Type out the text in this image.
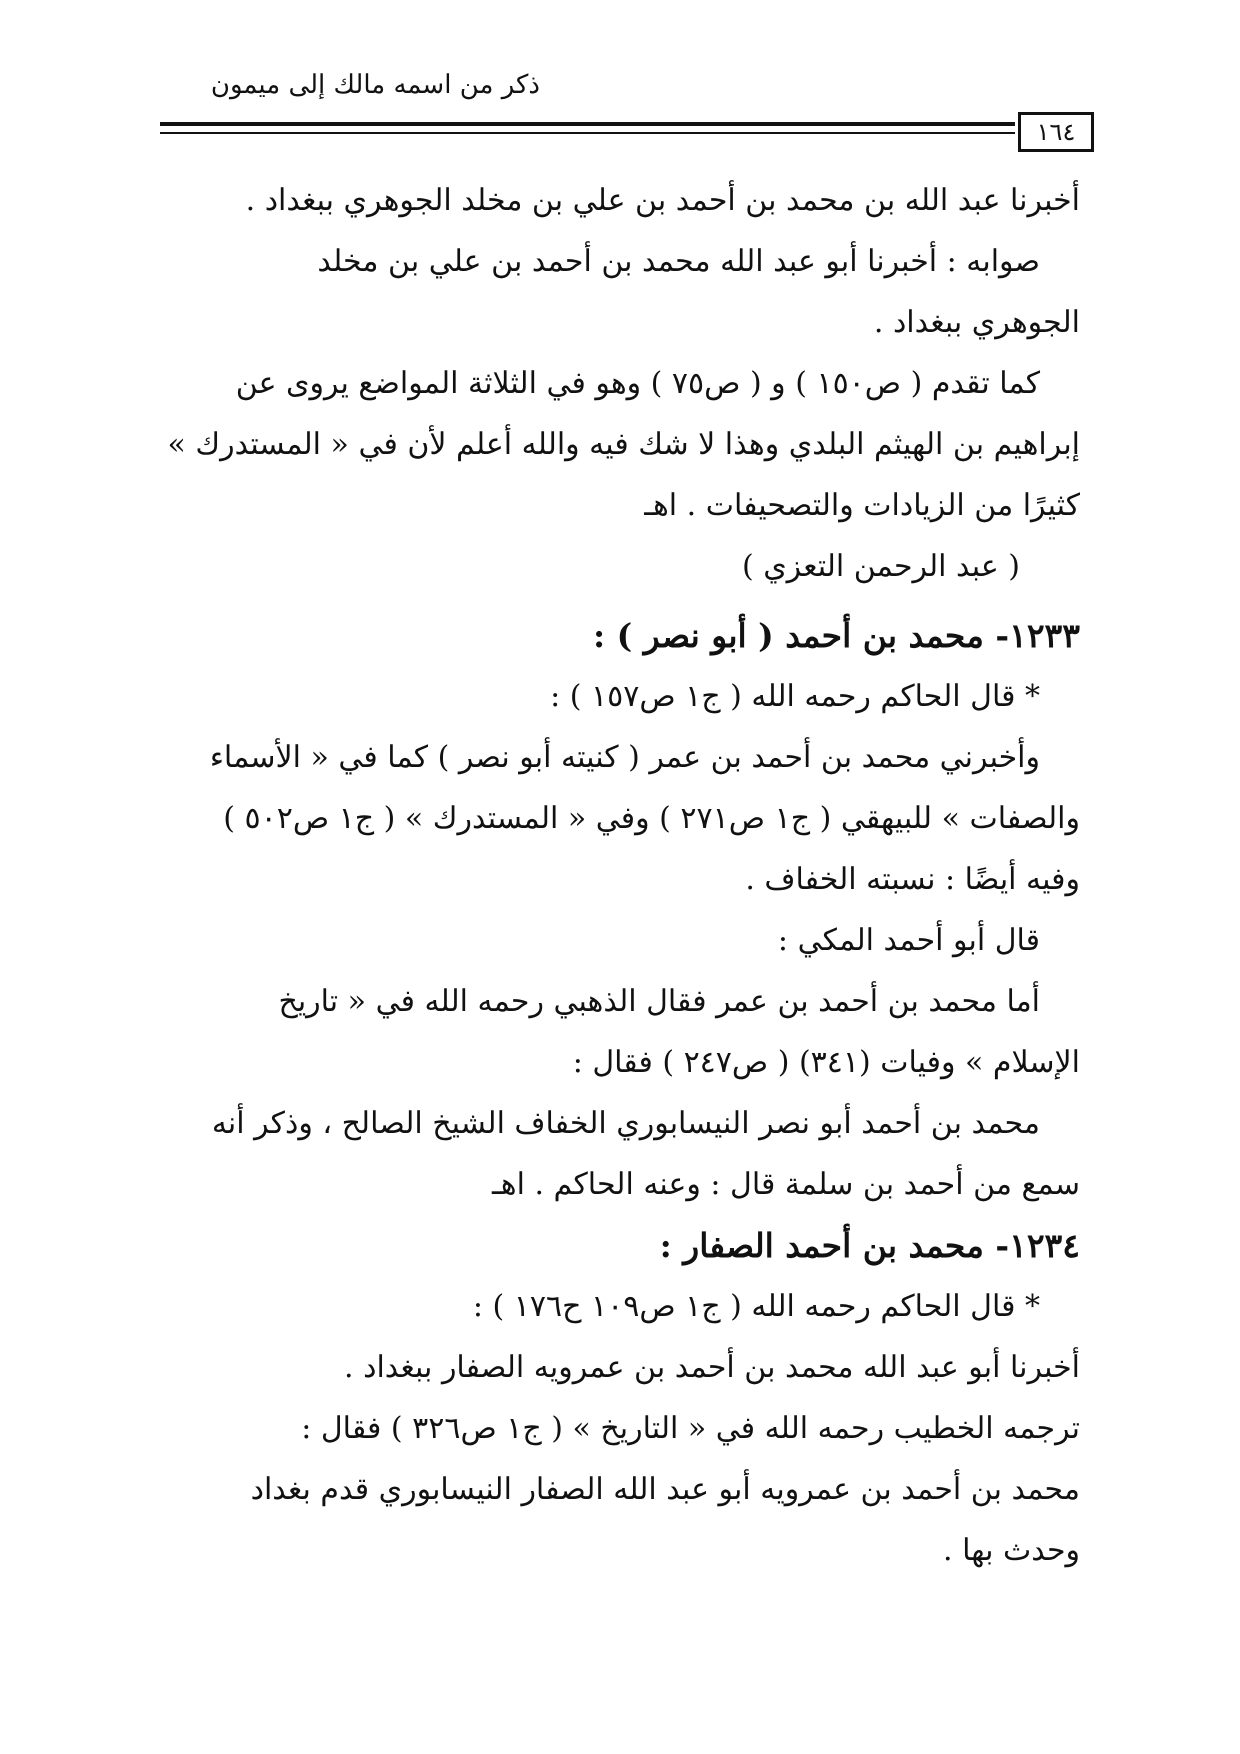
ذكر من اسمه مالك إلى ميمون
١٦٤
أخبرنا عبد الله بن محمد بن أحمد بن علي بن مخلد الجوهري ببغداد .
صوابه : أخبرنا أبو عبد الله محمد بن أحمد بن علي بن مخلد
الجوهري ببغداد .
كما تقدم ( ص١٥٠ ) و ( ص٧٥ ) وهو في الثلاثة المواضع يروى عن
إبراهيم بن الهيثم البلدي وهذا لا شك فيه والله أعلم لأن في « المستدرك »
كثيرًا من الزيادات والتصحيفات . اهـ
( عبد الرحمن التعزي )
١٢٣٣- محمد بن أحمد ( أبو نصر ) :
* قال الحاكم رحمه الله ( ج١ ص١٥٧ ) :
وأخبرني محمد بن أحمد بن عمر ( كنيته أبو نصر ) كما في « الأسماء
والصفات » للبيهقي ( ج١ ص٢٧١ ) وفي « المستدرك » ( ج١ ص٥٠٢ )
وفيه أيضًا : نسبته الخفاف .
قال أبو أحمد المكي :
أما محمد بن أحمد بن عمر فقال الذهبي رحمه الله في « تاريخ
الإسلام » وفيات (٣٤١) ( ص٢٤٧ ) فقال :
محمد بن أحمد أبو نصر النيسابوري الخفاف الشيخ الصالح ، وذكر أنه
سمع من أحمد بن سلمة قال : وعنه الحاكم . اهـ
١٢٣٤- محمد بن أحمد الصفار :
* قال الحاكم رحمه الله ( ج١ ص١٠٩ ح١٧٦ ) :
أخبرنا أبو عبد الله محمد بن أحمد بن عمرويه الصفار ببغداد .
ترجمه الخطيب رحمه الله في « التاريخ » ( ج١ ص٣٢٦ ) فقال :
محمد بن أحمد بن عمرويه أبو عبد الله الصفار النيسابوري قدم بغداد
وحدث بها .
